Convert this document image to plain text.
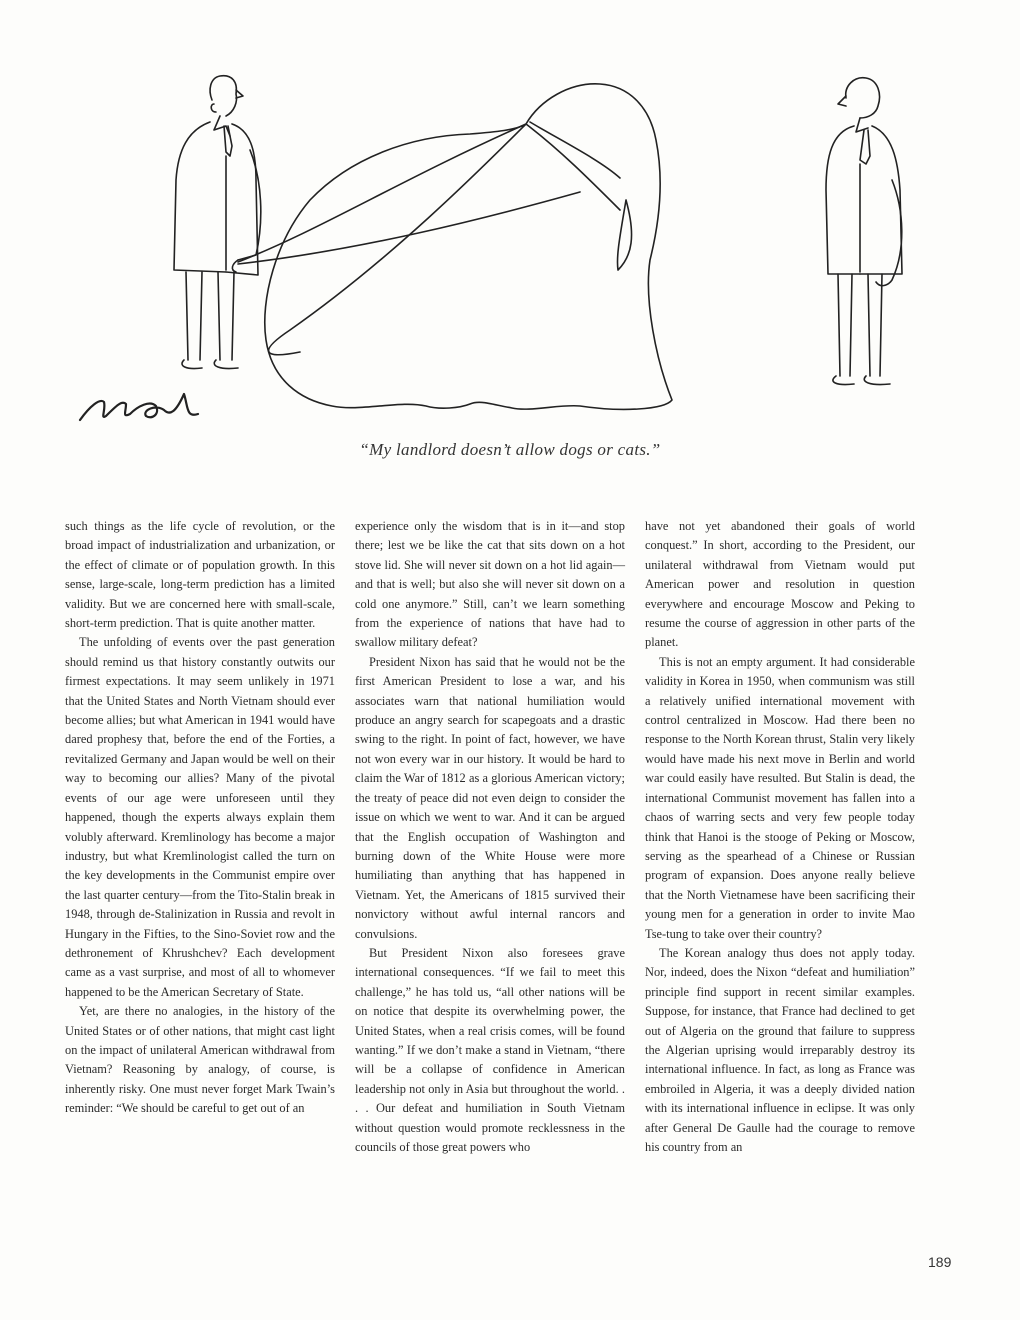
“My landlord doesn’t allow dogs or cats.”

such things as the life cycle of revolution, or the broad impact of industrialization and urbanization, or the effect of climate or of population growth. In this sense, large-scale, long-term prediction has a limited validity. But we are concerned here with small-scale, short-term prediction. That is quite another matter.

The unfolding of events over the past generation should remind us that history constantly outwits our firmest expectations. It may seem unlikely in 1971 that the United States and North Vietnam should ever become allies; but what American in 1941 would have dared prophesy that, before the end of the Forties, a revitalized Germany and Japan would be well on their way to becoming our allies? Many of the pivotal events of our age were unforeseen until they happened, though the experts always explain them volubly afterward. Kremlinology has become a major industry, but what Kremlinologist called the turn on the key developments in the Communist empire over the last quarter century—from the Tito-Stalin break in 1948, through de-Stalinization in Russia and revolt in Hungary in the Fifties, to the Sino-Soviet row and the dethronement of Khrushchev? Each development came as a vast surprise, and most of all to whomever happened to be the American Secretary of State.

Yet, are there no analogies, in the history of the United States or of other nations, that might cast light on the impact of unilateral American withdrawal from Vietnam? Reasoning by analogy, of course, is inherently risky. One must never forget Mark Twain’s reminder: “We should be careful to get out of an

experience only the wisdom that is in it—and stop there; lest we be like the cat that sits down on a hot stove lid. She will never sit down on a hot lid again—and that is well; but also she will never sit down on a cold one anymore.” Still, can’t we learn something from the experience of nations that have had to swallow military defeat?

President Nixon has said that he would not be the first American President to lose a war, and his associates warn that national humiliation would produce an angry search for scapegoats and a drastic swing to the right. In point of fact, however, we have not won every war in our history. It would be hard to claim the War of 1812 as a glorious American victory; the treaty of peace did not even deign to consider the issue on which we went to war. And it can be argued that the English occupation of Washington and burning down of the White House were more humiliating than anything that has happened in Vietnam. Yet, the Americans of 1815 survived their nonvictory without awful internal rancors and convulsions.

But President Nixon also foresees grave international consequences. “If we fail to meet this challenge,” he has told us, “all other nations will be on notice that despite its overwhelming power, the United States, when a real crisis comes, will be found wanting.” If we don’t make a stand in Vietnam, “there will be a collapse of confidence in American leadership not only in Asia but throughout the world. . . . Our defeat and humiliation in South Vietnam without question would promote recklessness in the councils of those great powers who

have not yet abandoned their goals of world conquest.” In short, according to the President, our unilateral withdrawal from Vietnam would put American power and resolution in question everywhere and encourage Moscow and Peking to resume the course of aggression in other parts of the planet.

This is not an empty argument. It had considerable validity in Korea in 1950, when communism was still a relatively unified international movement with control centralized in Moscow. Had there been no response to the North Korean thrust, Stalin very likely would have made his next move in Berlin and world war could easily have resulted. But Stalin is dead, the international Communist movement has fallen into a chaos of warring sects and very few people today think that Hanoi is the stooge of Peking or Moscow, serving as the spearhead of a Chinese or Russian program of expansion. Does anyone really believe that the North Vietnamese have been sacrificing their young men for a generation in order to invite Mao Tse-tung to take over their country?

The Korean analogy thus does not apply today. Nor, indeed, does the Nixon “defeat and humiliation” principle find support in recent similar examples. Suppose, for instance, that France had declined to get out of Algeria on the ground that failure to suppress the Algerian uprising would irreparably destroy its international influence. In fact, as long as France was embroiled in Algeria, it was a deeply divided nation with its international influence in eclipse. It was only after General De Gaulle had the courage to remove his country from an

189
